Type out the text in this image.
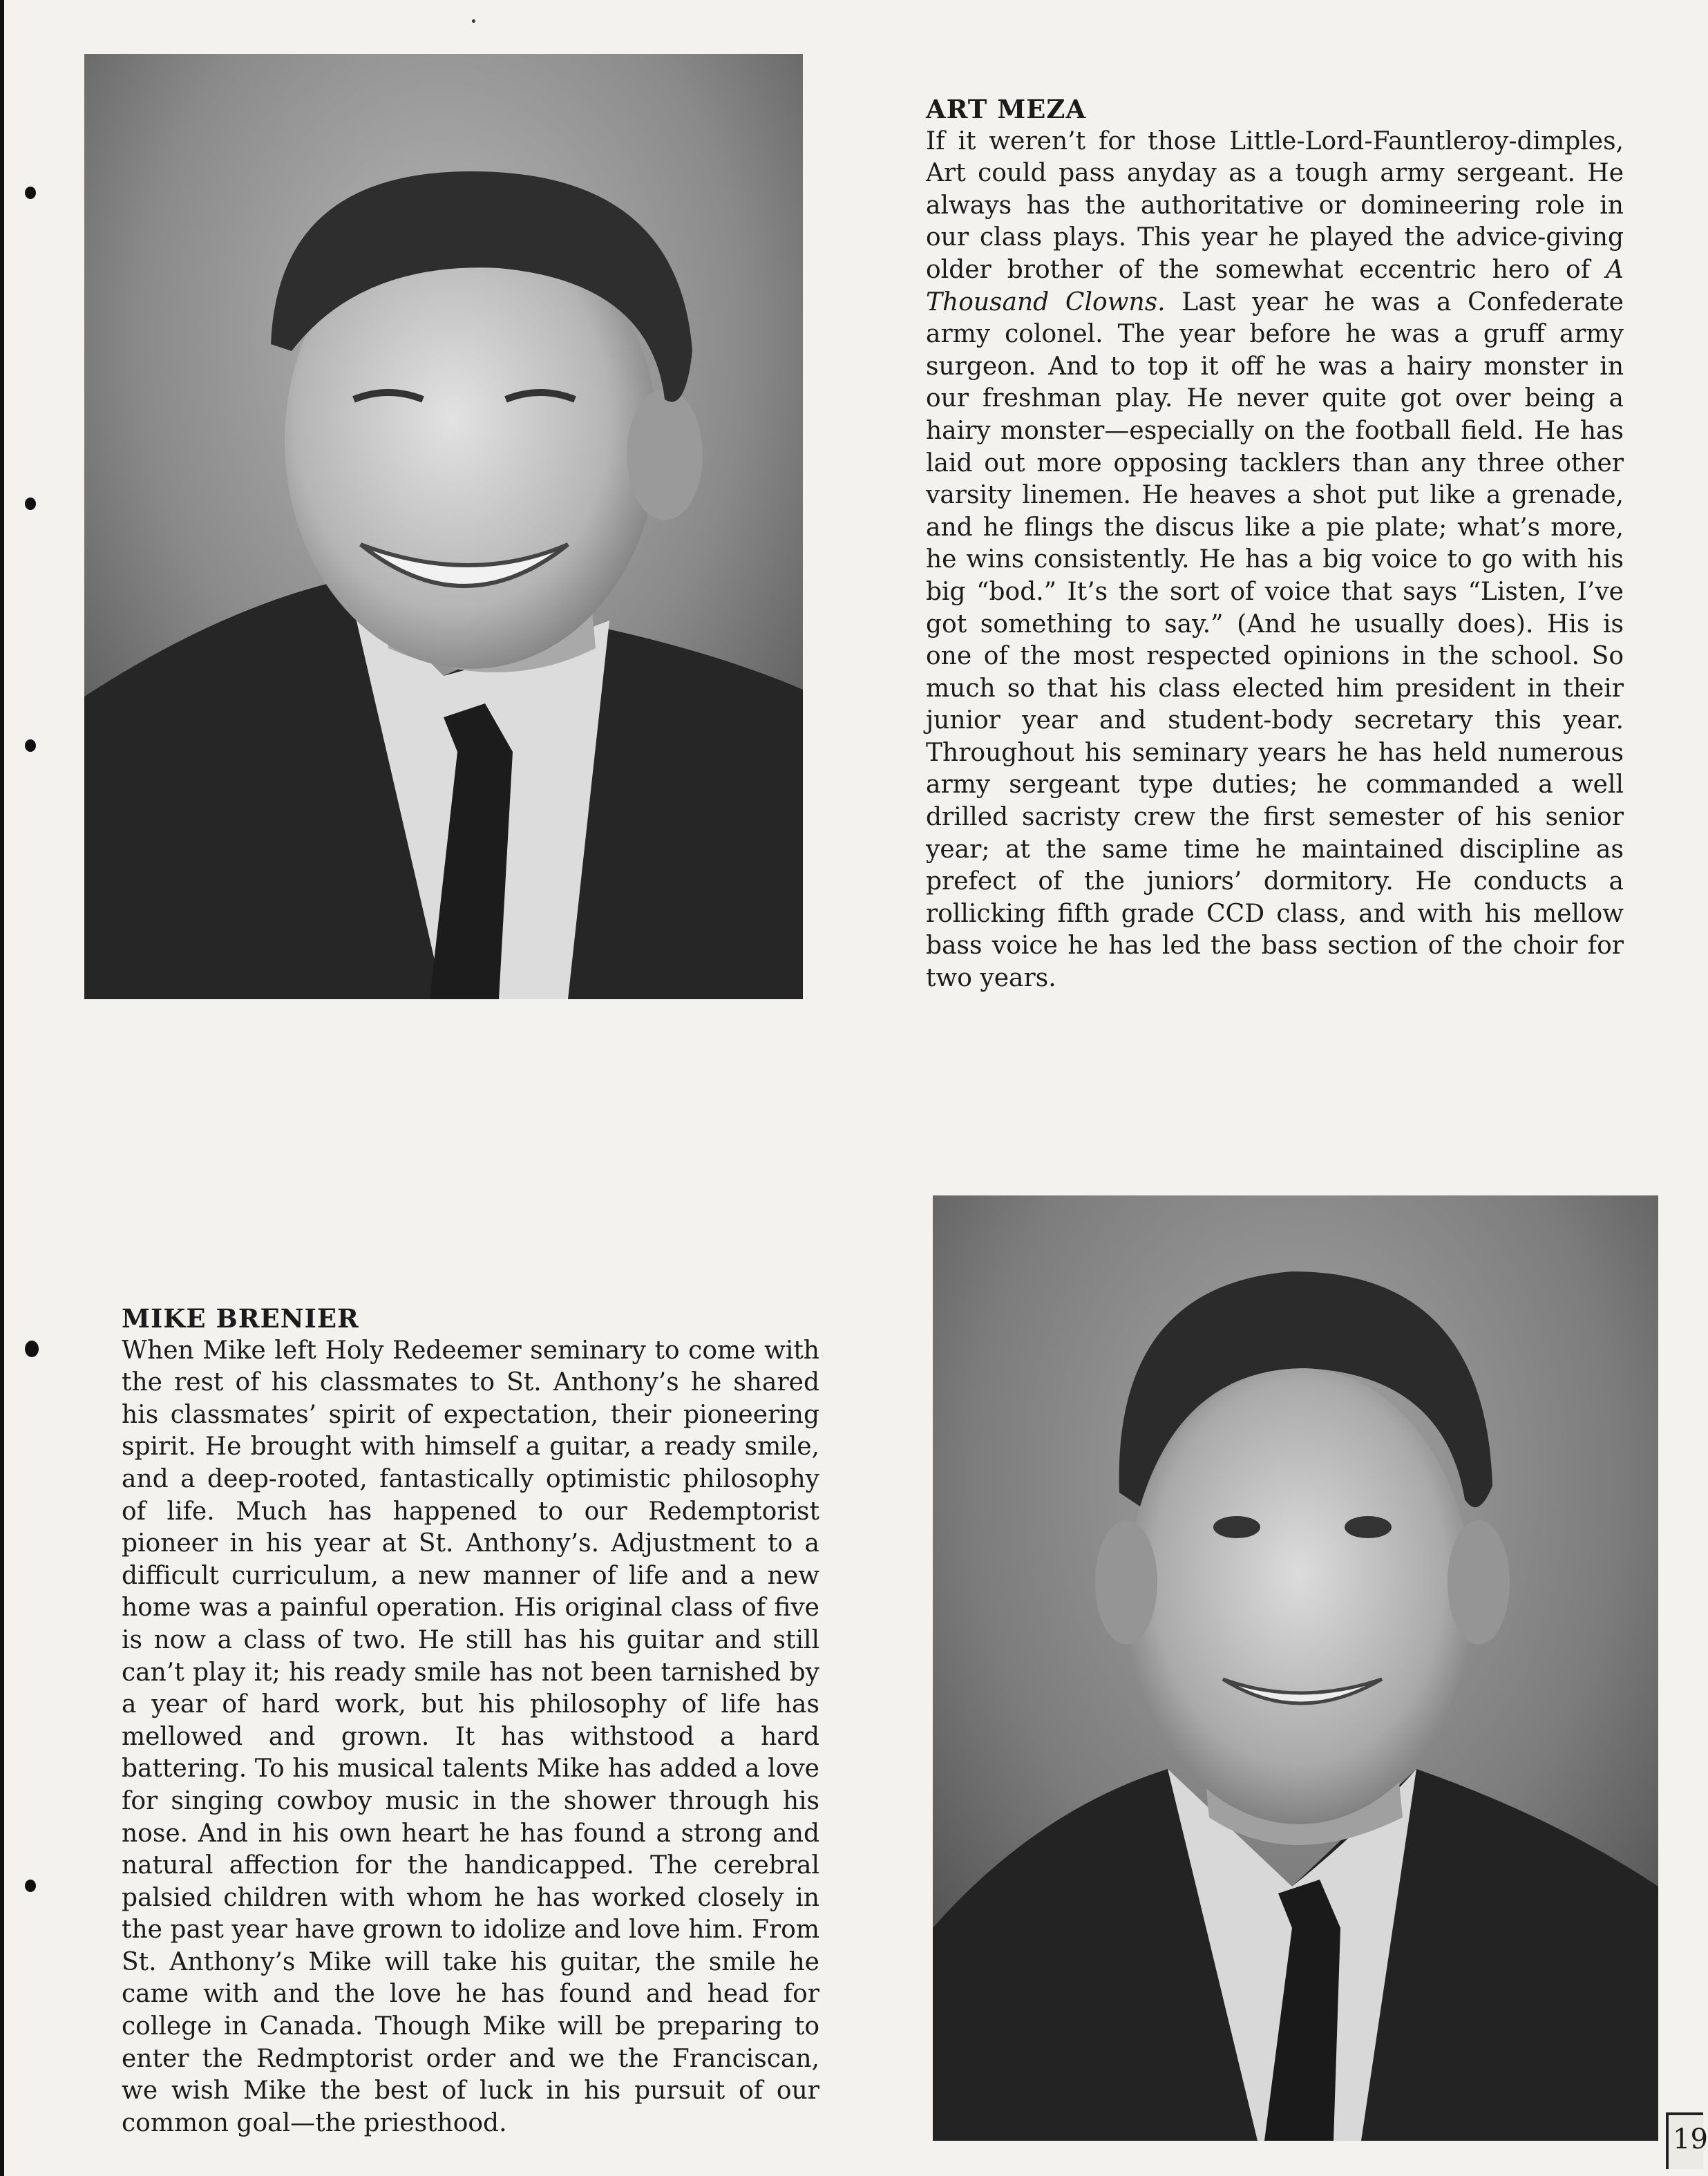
ART MEZA

If it weren’t for those Little-Lord-Fauntleroy-dimples, Art could pass anyday as a tough army sergeant. He always has the authoritative or domineering role in our class plays. This year he played the advice-giving older brother of the somewhat eccentric hero of A Thousand Clowns. Last year he was a Confederate army colonel. The year before he was a gruff army surgeon. And to top it off he was a hairy monster in our freshman play. He never quite got over being a hairy monster—especially on the football field. He has laid out more opposing tacklers than any three other varsity linemen. He heaves a shot put like a grenade, and he flings the discus like a pie plate; what’s more, he wins consistently. He has a big voice to go with his big “bod.” It’s the sort of voice that says “Listen, I’ve got something to say.” (And he usually does). His is one of the most respected opinions in the school. So much so that his class elected him president in their junior year and student-body secretary this year. Throughout his seminary years he has held numerous army sergeant type duties; he commanded a well drilled sacristy crew the first semester of his senior year; at the same time he maintained discipline as prefect of the juniors’ dormitory. He conducts a rollicking fifth grade CCD class, and with his mellow bass voice he has led the bass section of the choir for two years.

MIKE BRENIER

When Mike left Holy Redeemer seminary to come with the rest of his classmates to St. Anthony’s he shared his classmates’ spirit of expectation, their pioneering spirit. He brought with himself a guitar, a ready smile, and a deep-rooted, fantastically optimistic philosophy of life. Much has happened to our Redemptorist pioneer in his year at St. Anthony’s. Adjustment to a difficult curriculum, a new manner of life and a new home was a painful operation. His original class of five is now a class of two. He still has his guitar and still can’t play it; his ready smile has not been tarnished by a year of hard work, but his philosophy of life has mellowed and grown. It has withstood a hard battering. To his musical talents Mike has added a love for singing cowboy music in the shower through his nose. And in his own heart he has found a strong and natural affection for the handicapped. The cerebral palsied children with whom he has worked closely in the past year have grown to idolize and love him. From St. Anthony’s Mike will take his guitar, the smile he came with and the love he has found and head for college in Canada. Though Mike will be preparing to enter the Redmptorist order and we the Franciscan, we wish Mike the best of luck in his pursuit of our common goal—the priesthood.

19
